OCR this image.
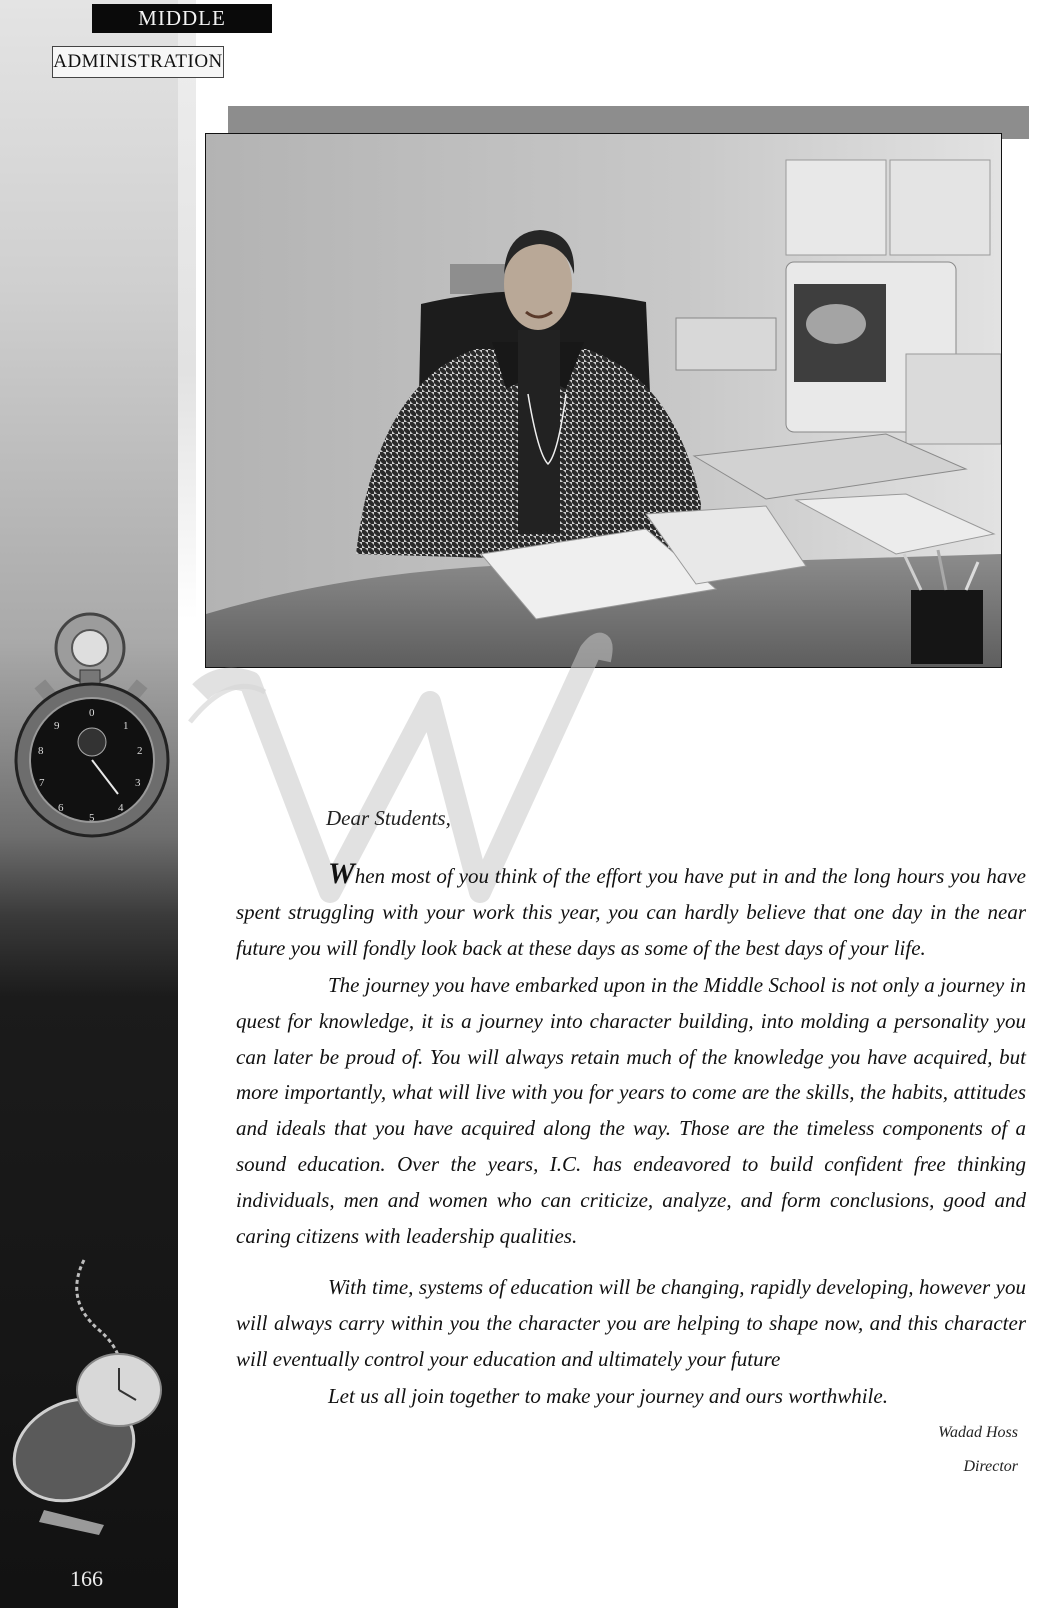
MIDDLE
ADMINISTRATION
0
1
2
3
4
5
6
7
8
9
Dear Students,

When most of you think of the effort you have put in and the long hours you have spent struggling with your work this year, you can hardly believe that one day in the near future you will fondly look back at these days as some of the best days of your life.

The journey you have embarked upon in the Middle School is not only a journey in quest for knowledge, it is a journey into character building, into molding a personality you can later be proud of. You will always retain much of the knowledge you have acquired, but more importantly, what will live with you for years to come are the skills, the habits, attitudes and ideals that you have acquired along the way. Those are the timeless components of a sound education. Over the years, I.C. has endeavored to build confident free thinking individuals, men and women who can criticize, analyze, and form conclusions, good and caring citizens with leadership qualities.

With time, systems of education will be changing, rapidly developing, however you will always carry within you the character you are helping to shape now, and this character will eventually control your education and ultimately your future

Let us all join together to make your journey and ours worthwhile.

Wadad Hoss
Director
166
